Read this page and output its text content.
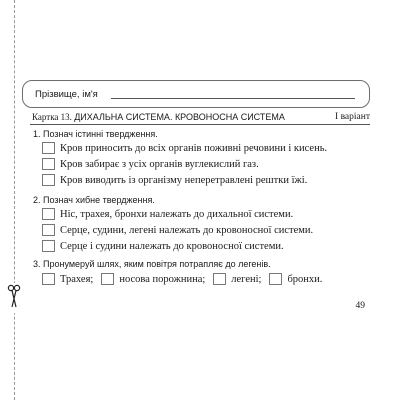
Прізвище, ім'я
Картка 13. ДИХАЛЬНА СИСТЕМА. КРОВОНОСНА СИСТЕМА	І варіант
1. Познач істинні твердження.
Кров приносить до всіх органів поживні речовини і кисень.
Кров забирає з усіх органів вуглекислий газ.
Кров виводить із організму неперетравлені рештки їжі.
2. Познач хибне твердження.
Ніс, трахея, бронхи належать до дихальної системи.
Серце, судини, легені належать до кровоносної системи.
Серце і судини належать до кровоносної системи.
3. Пронумеруй шлях, яким повітря потрапляє до легенів.
Трахея; носова порожнина; легені; бронхи.
49
